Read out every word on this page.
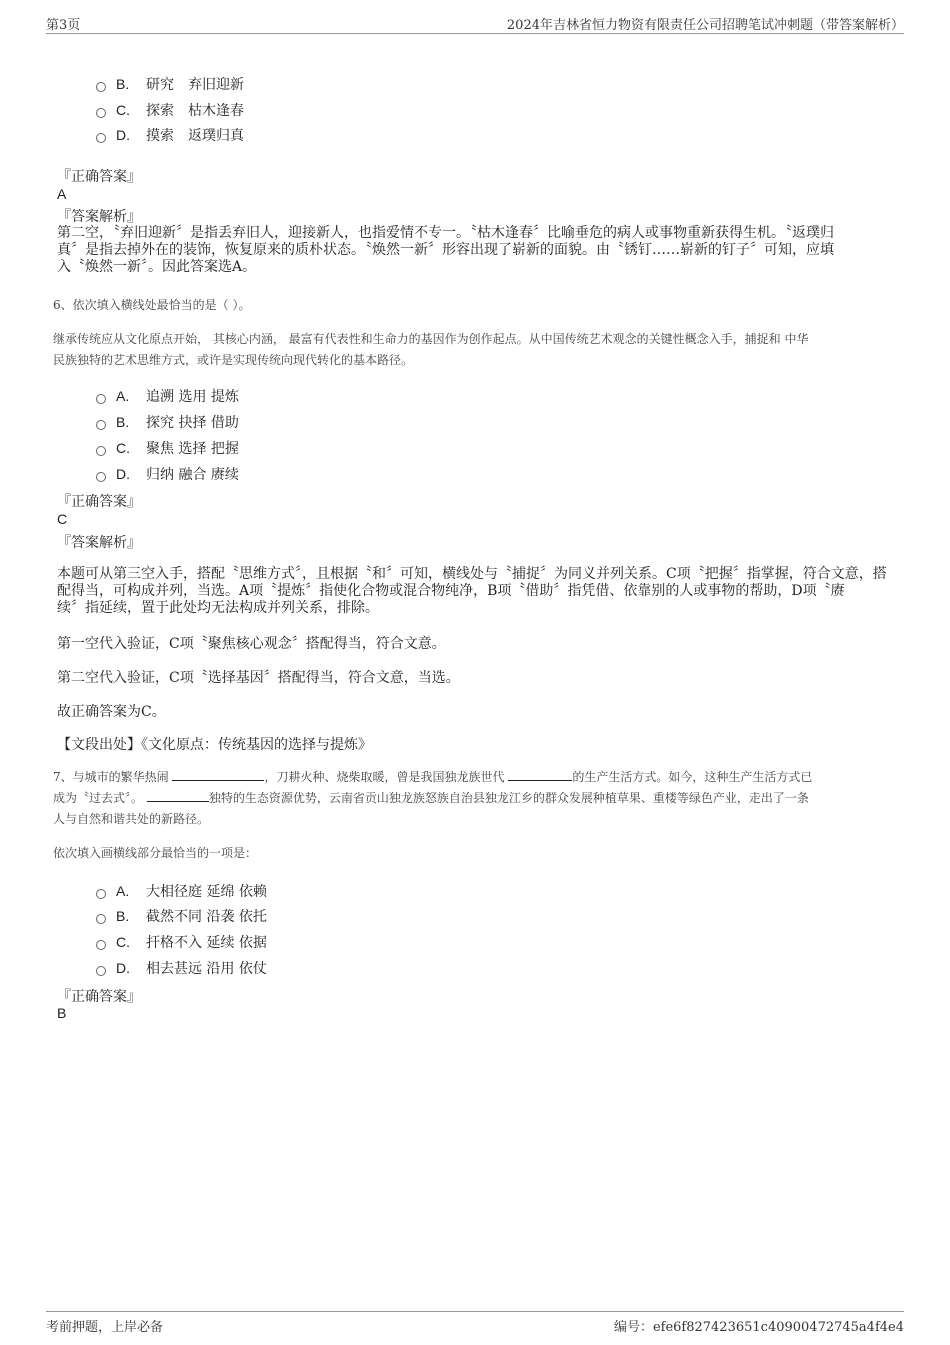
第3页	2024年吉林省恒力物资有限责任公司招聘笔试冲刺题（带答案解析）
B.	研究　弃旧迎新
C.	探索　枯木逢春
D.	摸索　返璞归真
『正确答案』
A
『答案解析』
第二空，〝弃旧迎新〞是指丢弃旧人，迎接新人，也指爱情不专一。〝枯木逢春〞比喻垂危的病人或事物重新获得生机。〝返璞归
真〞是指去掉外在的装饰，恢复原来的质朴状态。〝焕然一新〞形容出现了崭新的面貌。由〝锈钉……崭新的钉子〞可知，应填
入〝焕然一新〞。因此答案选A。
6、依次填入横线处最恰当的是（ ）。
继承传统应从文化原点开始， 其核心内涵， 最富有代表性和生命力的基因作为创作起点。从中国传统艺术观念的关键性概念入手，捕捉和 中华
民族独特的艺术思维方式，或许是实现传统向现代转化的基本路径。
A.	追溯 选用 提炼
B.	探究 抉择 借助
C.	聚焦 选择 把握
D.	归纳 融合 赓续
『正确答案』
C
『答案解析』
本题可从第三空入手，搭配〝思维方式〞，且根据〝和〞可知，横线处与〝捕捉〞为同义并列关系。C项〝把握〞指掌握，符合文意，搭
配得当，可构成并列，当选。A项〝提炼〞指使化合物或混合物纯净，B项〝借助〞指凭借、依靠别的人或事物的帮助，D项〝赓
续〞指延续，置于此处均无法构成并列关系，排除。
第一空代入验证，C项〝聚焦核心观念〞搭配得当，符合文意。
第二空代入验证，C项〝选择基因〞搭配得当，符合文意，当选。
故正确答案为C。
【文段出处】《文化原点：传统基因的选择与提炼》
7、与城市的繁华热闹	，刀耕火种、烧柴取暖，曾是我国独龙族世代	的生产生活方式。如今，这种生产生活方式已
成为〝过去式〞。	独特的生态资源优势，云南省贡山独龙族怒族自治县独龙江乡的群众发展种植草果、重楼等绿色产业，走出了一条
人与自然和谐共处的新路径。
依次填入画横线部分最恰当的一项是：
A.	大相径庭 延绵 依赖
B.	截然不同 沿袭 依托
C.	扞格不入 延续 依据
D.	相去甚远 沿用 依仗
『正确答案』
B
考前押题，上岸必备	编号：efe6f827423651c40900472745a4f4e4
